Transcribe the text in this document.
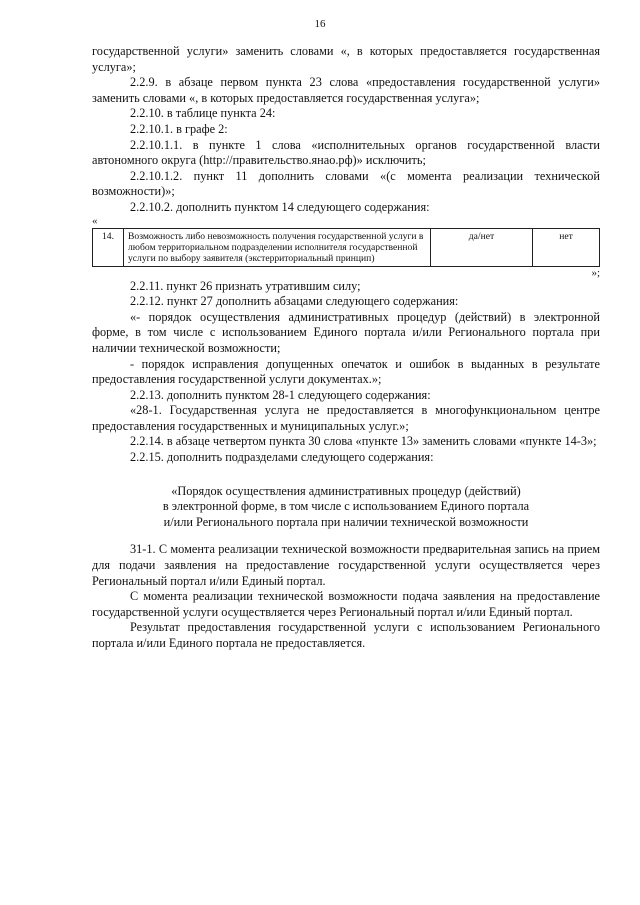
16

государственной услуги» заменить словами «, в которых предоставляется государственная услуга»;

2.2.9. в абзаце первом пункта 23 слова «предоставления государственной услуги» заменить словами «, в которых предоставляется государственная услуга»;

2.2.10. в таблице пункта 24:

2.2.10.1. в графе 2:

2.2.10.1.1. в пункте 1 слова «исполнительных органов государственной власти автономного округа (http://правительство.янао.рф)» исключить;

2.2.10.1.2. пункт 11 дополнить словами «(с момента реализации технической возможности)»;

2.2.10.2. дополнить пунктом 14 следующего содержания:

«

14.	Возможность либо невозможность получения государственной услуги в любом территориальном подразделении исполнителя государственной услуги по выбору заявителя (экстерриториальный принцип)	да/нет	нет

»;

2.2.11. пункт 26 признать утратившим силу;

2.2.12. пункт 27 дополнить абзацами следующего содержания:

«- порядок осуществления административных процедур (действий) в электронной форме, в том числе с использованием Единого портала и/или Регионального портала при наличии технической возможности;

- порядок исправления допущенных опечаток и ошибок в выданных в результате предоставления государственной услуги документах.»;

2.2.13. дополнить пунктом 28-1 следующего содержания:

«28-1. Государственная услуга не предоставляется в многофункциональном центре предоставления государственных и муниципальных услуг.»;

2.2.14. в абзаце четвертом пункта 30 слова «пункте 13» заменить словами «пункте 14-3»;

2.2.15. дополнить подразделами следующего содержания:

«Порядок осуществления административных процедур (действий)

в электронной форме, в том числе с использованием Единого портала

и/или Регионального портала при наличии технической возможности

31-1. С момента реализации технической возможности предварительная запись на прием для подачи заявления на предоставление государственной услуги осуществляется через Региональный портал и/или Единый портал.

С момента реализации технической возможности подача заявления на предоставление государственной услуги осуществляется через Региональный портал и/или Единый портал.

Результат предоставления государственной услуги с использованием Регионального портала и/или Единого портала не предоставляется.
